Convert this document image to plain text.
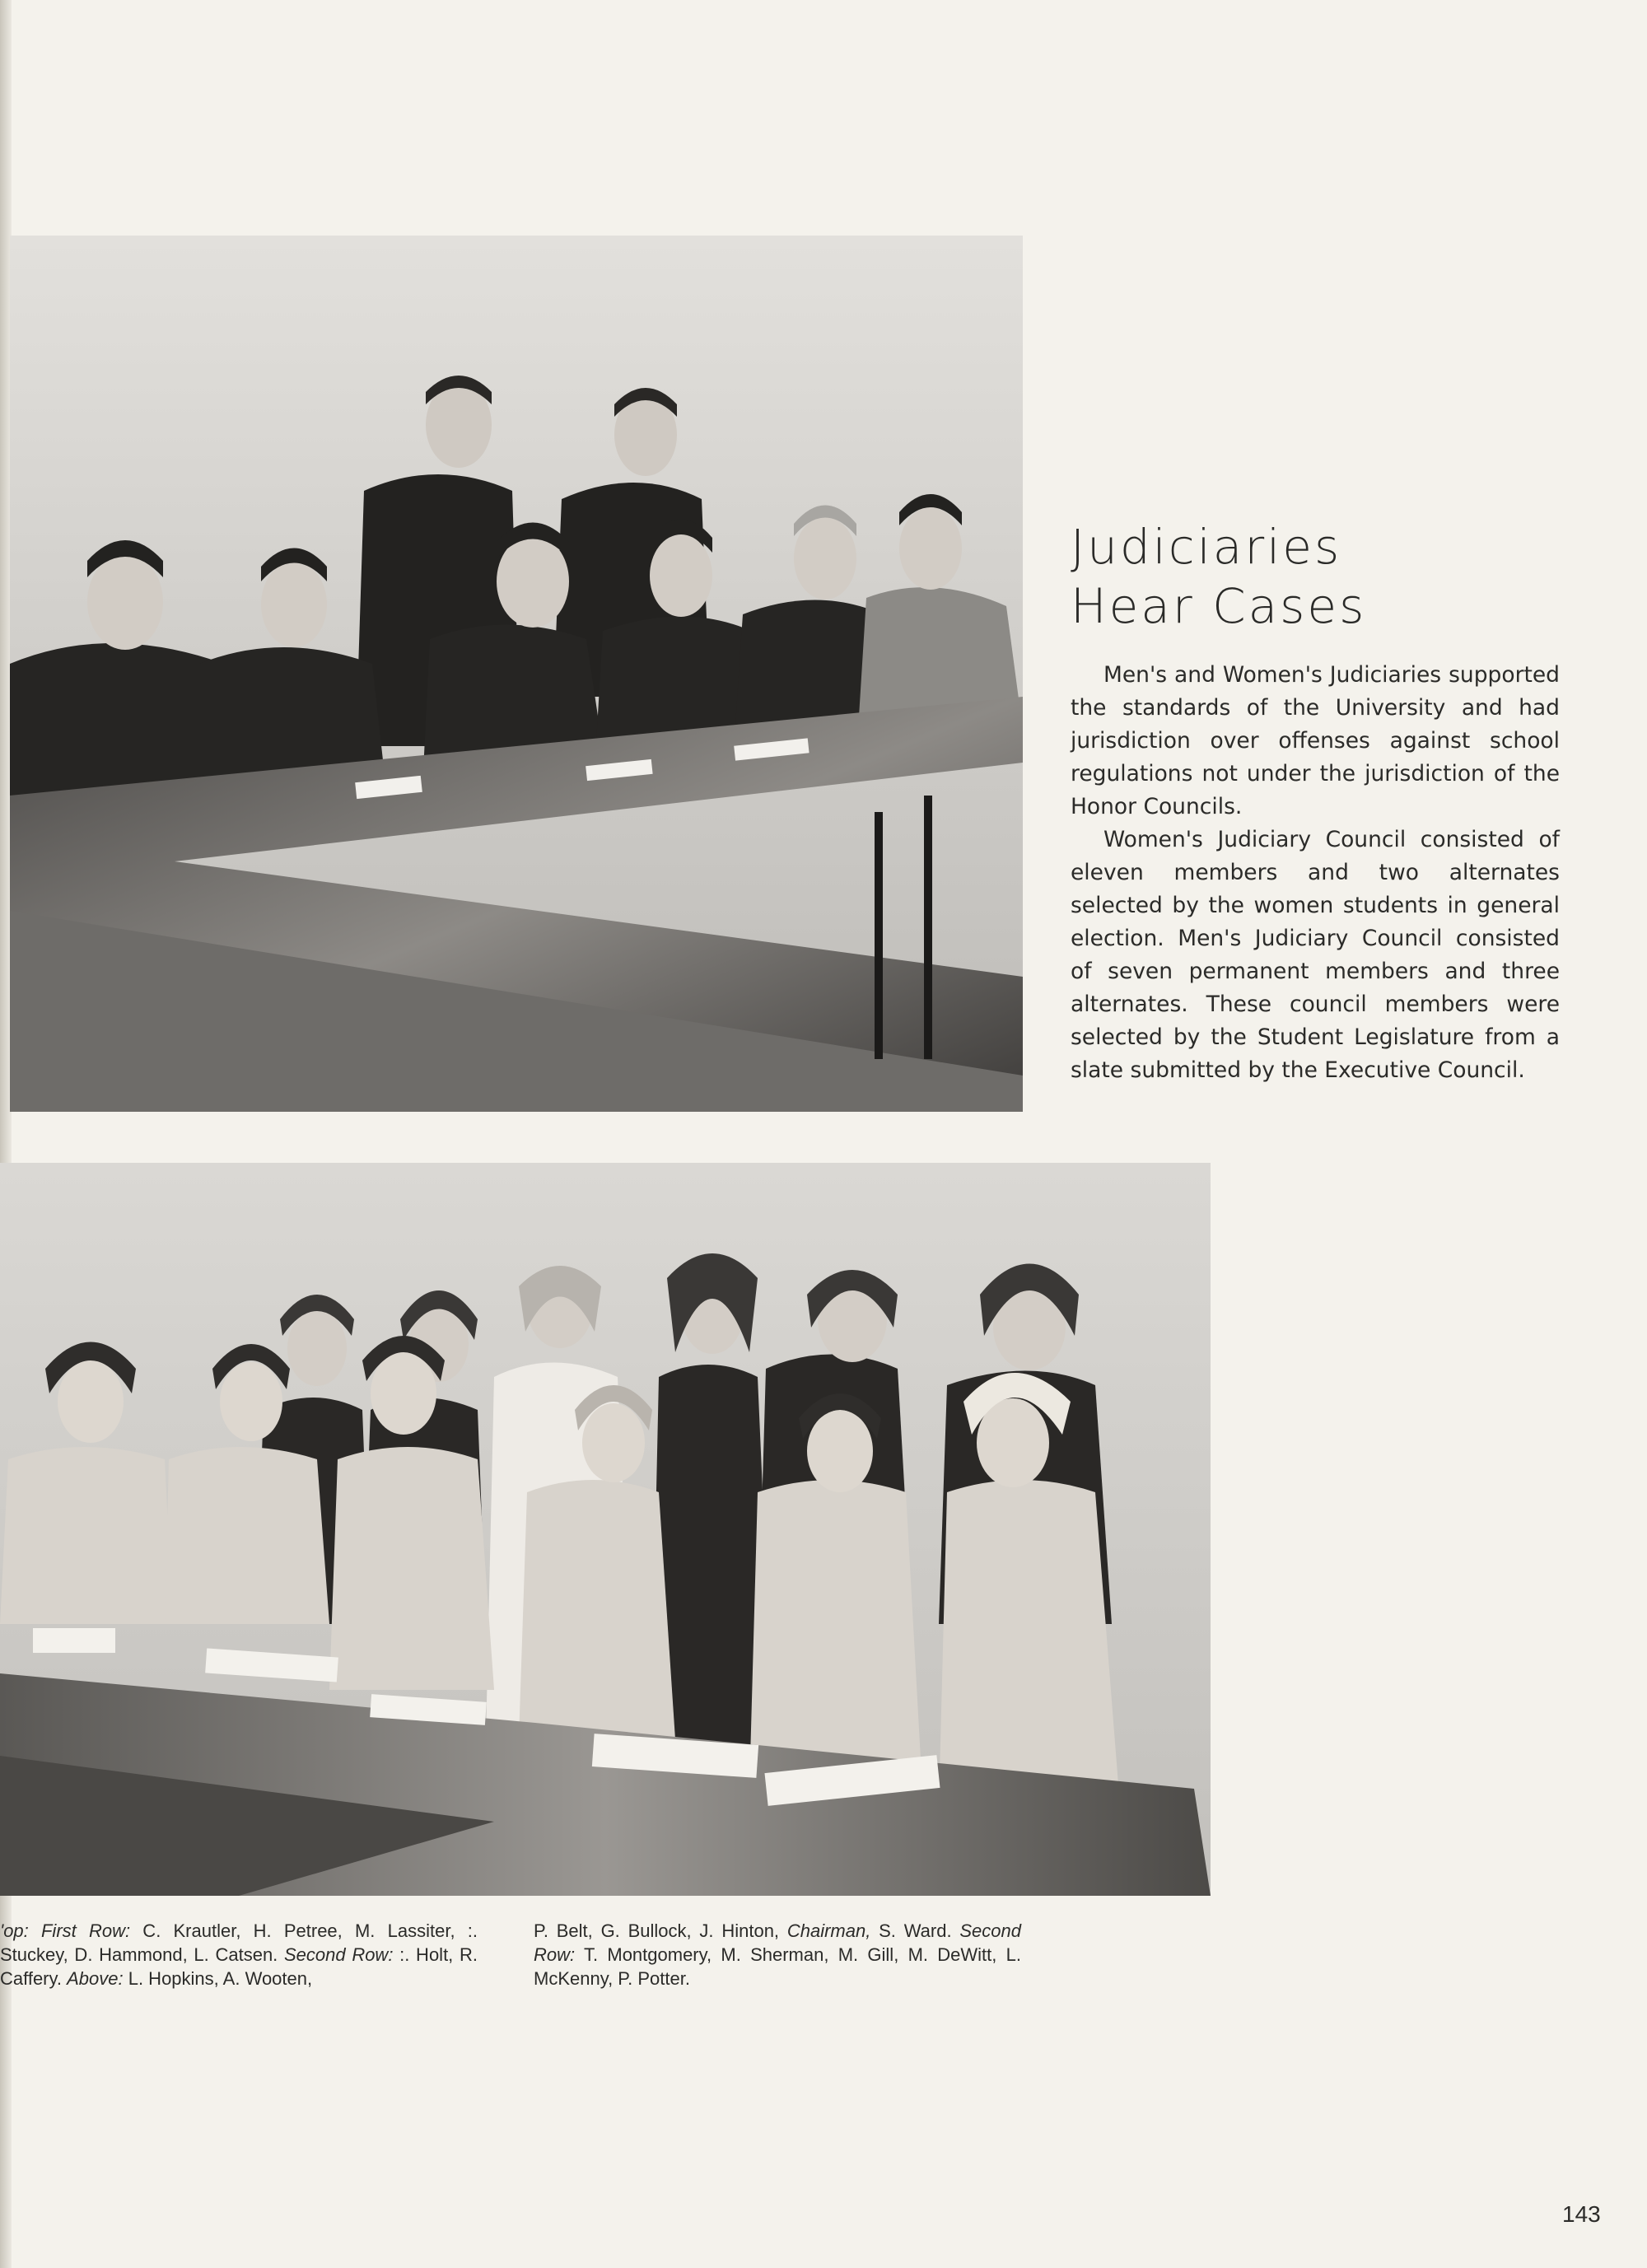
Judiciaries
Hear Cases

Men's and Women's Judiciaries supported the standards of the University and had jurisdiction over offenses against school regulations not under the jurisdiction of the Honor Councils.

Women's Judiciary Council consisted of eleven members and two alternates selected by the women students in general election. Men's Judiciary Council consisted of seven permanent members and three alternates. These council members were selected by the Student Legislature from a slate submitted by the Executive Council.

'op: First Row: C. Krautler, H. Petree, M. Lassiter, :. Stuckey, D. Hammond, L. Catsen. Second Row: :. Holt, R. Caffery. Above: L. Hopkins, A. Wooten,
P. Belt, G. Bullock, J. Hinton, Chairman, S. Ward. Second Row: T. Montgomery, M. Sherman, M. Gill, M. DeWitt, L. McKenny, P. Potter.
143
